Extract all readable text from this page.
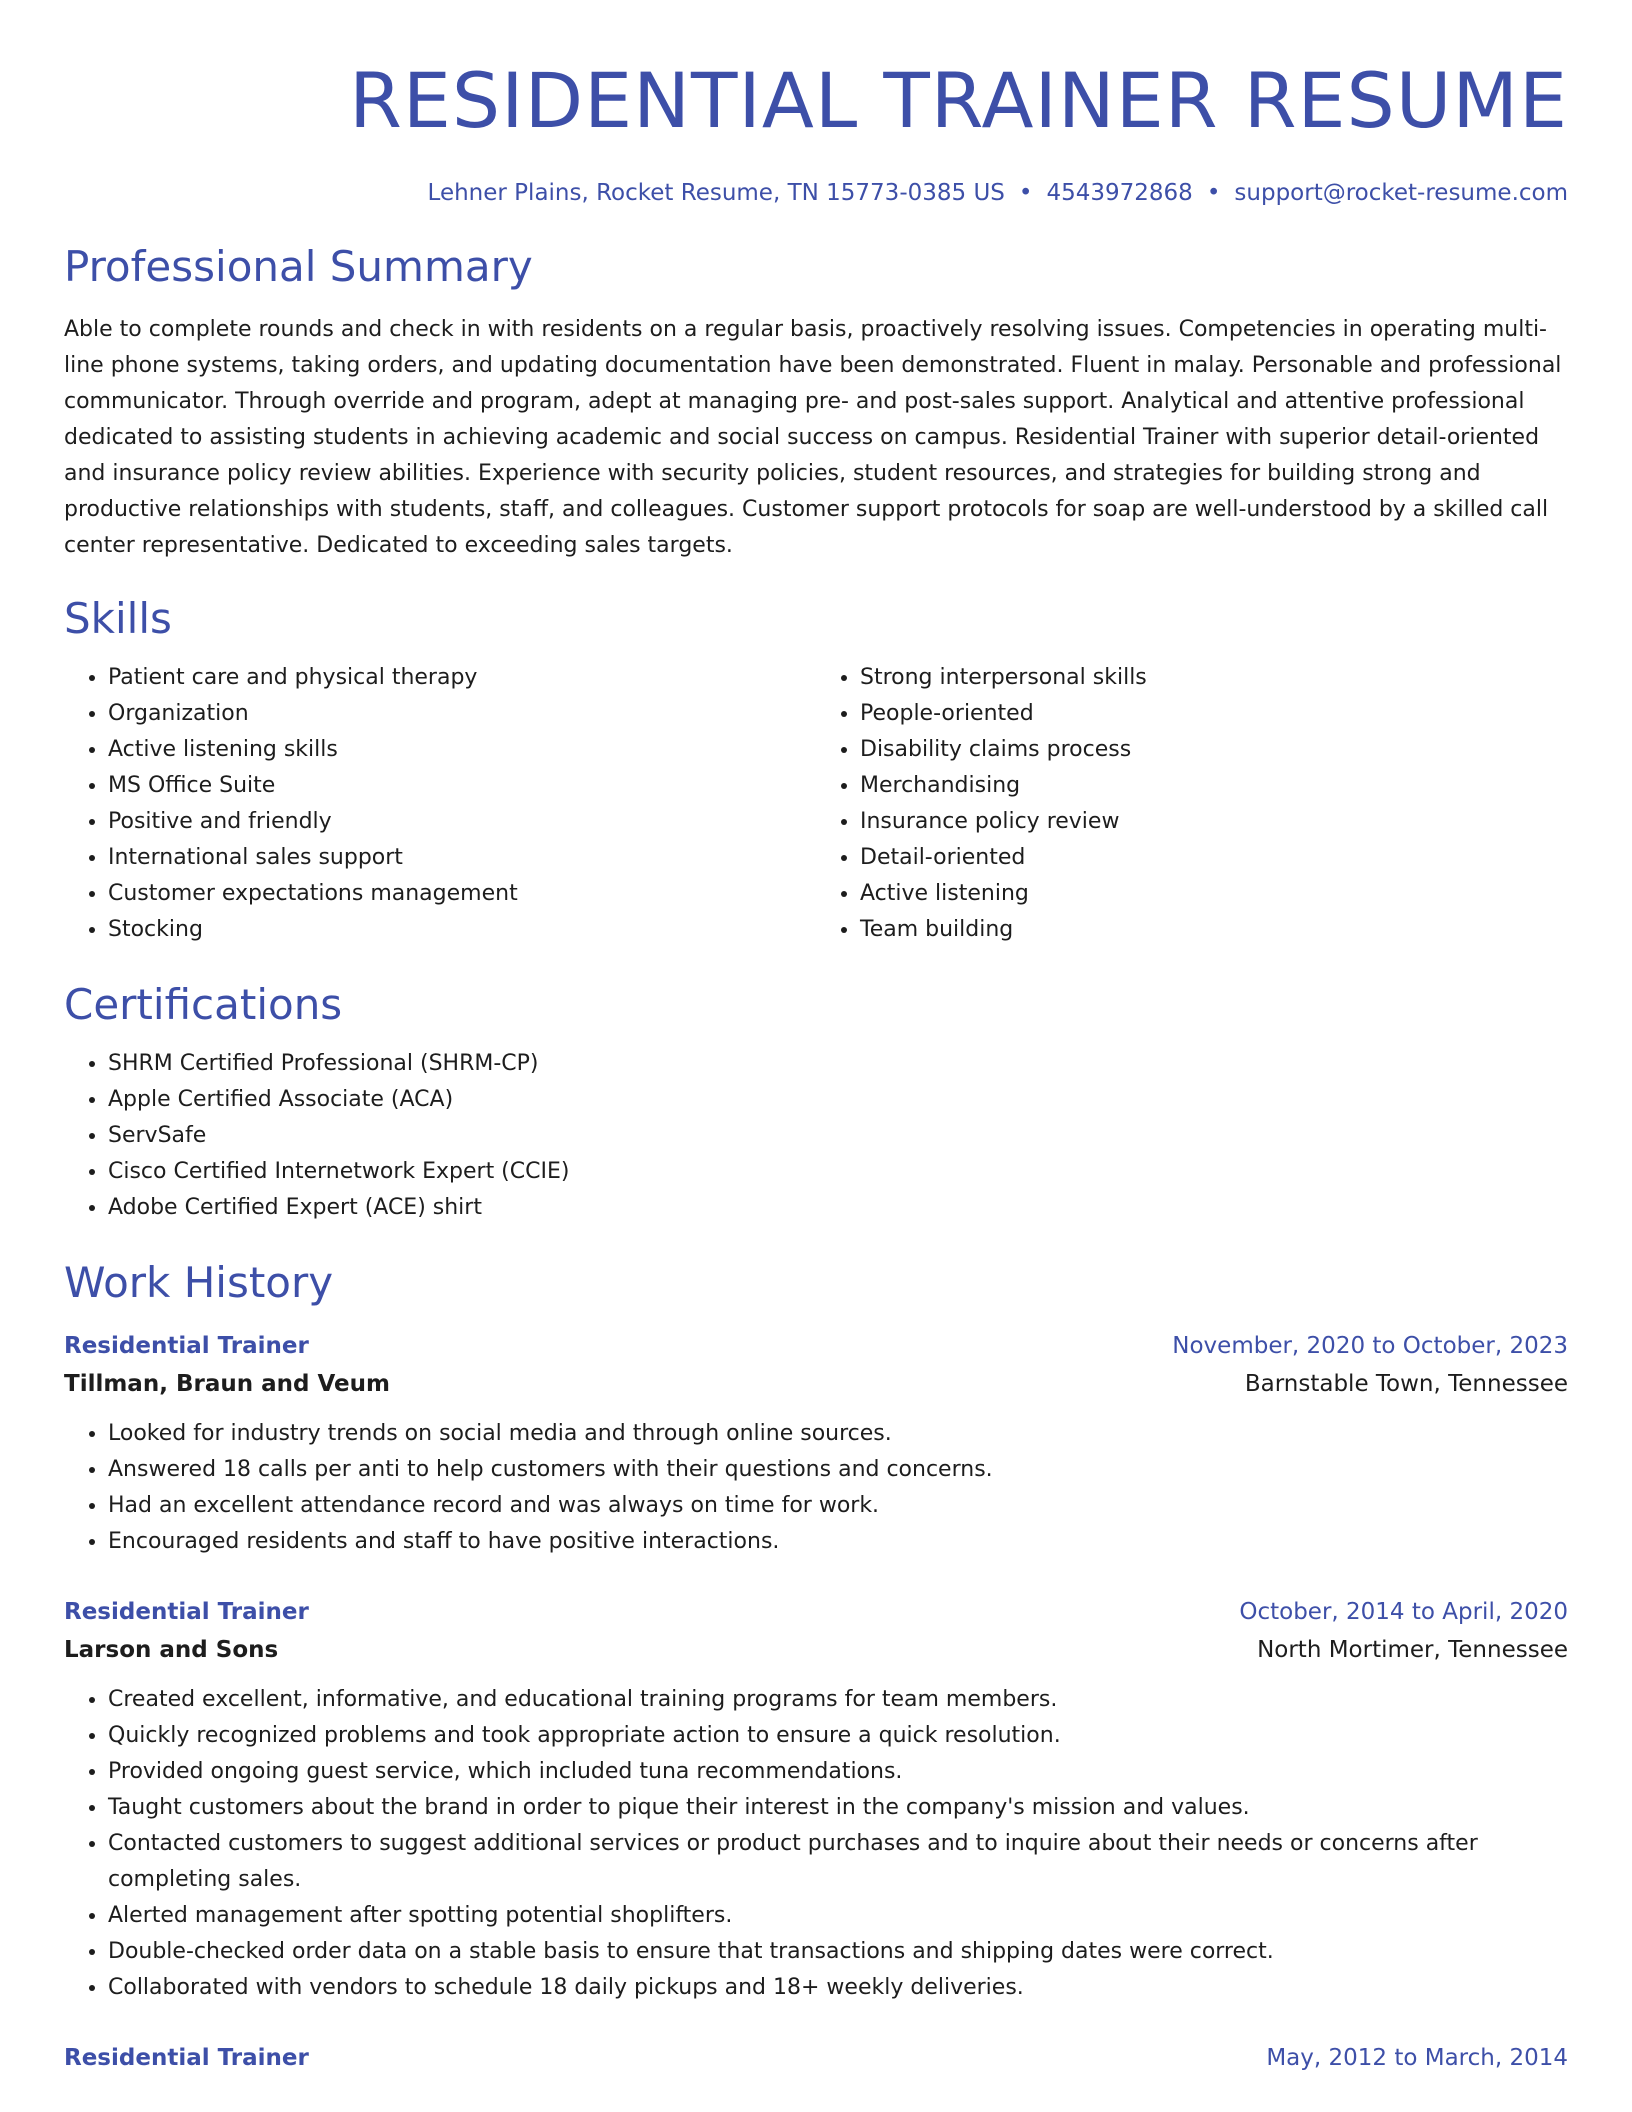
RESIDENTIAL TRAINER RESUME
Lehner Plains, Rocket Resume, TN 15773-0385 US • 4543972868 • support@rocket-resume.com
Professional Summary
Able to complete rounds and check in with residents on a regular basis, proactively resolving issues. Competencies in operating multi-line phone systems, taking orders, and updating documentation have been demonstrated. Fluent in malay. Personable and professional communicator. Through override and program, adept at managing pre- and post-sales support. Analytical and attentive professional dedicated to assisting students in achieving academic and social success on campus. Residential Trainer with superior detail-oriented and insurance policy review abilities. Experience with security policies, student resources, and strategies for building strong and productive relationships with students, staff, and colleagues. Customer support protocols for soap are well-understood by a skilled call center representative. Dedicated to exceeding sales targets.
Skills
• Patient care and physical therapy
• Organization
• Active listening skills
• MS Office Suite
• Positive and friendly
• International sales support
• Customer expectations management
• Stocking
• Strong interpersonal skills
• People-oriented
• Disability claims process
• Merchandising
• Insurance policy review
• Detail-oriented
• Active listening
• Team building
Certifications
• SHRM Certified Professional (SHRM-CP)
• Apple Certified Associate (ACA)
• ServSafe
• Cisco Certified Internetwork Expert (CCIE)
• Adobe Certified Expert (ACE) shirt
Work History
Residential Trainer	November, 2020 to October, 2023
Tillman, Braun and Veum	Barnstable Town, Tennessee
• Looked for industry trends on social media and through online sources.
• Answered 18 calls per anti to help customers with their questions and concerns.
• Had an excellent attendance record and was always on time for work.
• Encouraged residents and staff to have positive interactions.
Residential Trainer	October, 2014 to April, 2020
Larson and Sons	North Mortimer, Tennessee
• Created excellent, informative, and educational training programs for team members.
• Quickly recognized problems and took appropriate action to ensure a quick resolution.
• Provided ongoing guest service, which included tuna recommendations.
• Taught customers about the brand in order to pique their interest in the company's mission and values.
• Contacted customers to suggest additional services or product purchases and to inquire about their needs or concerns after completing sales.
• Alerted management after spotting potential shoplifters.
• Double-checked order data on a stable basis to ensure that transactions and shipping dates were correct.
• Collaborated with vendors to schedule 18 daily pickups and 18+ weekly deliveries.
Residential Trainer	May, 2012 to March, 2014
